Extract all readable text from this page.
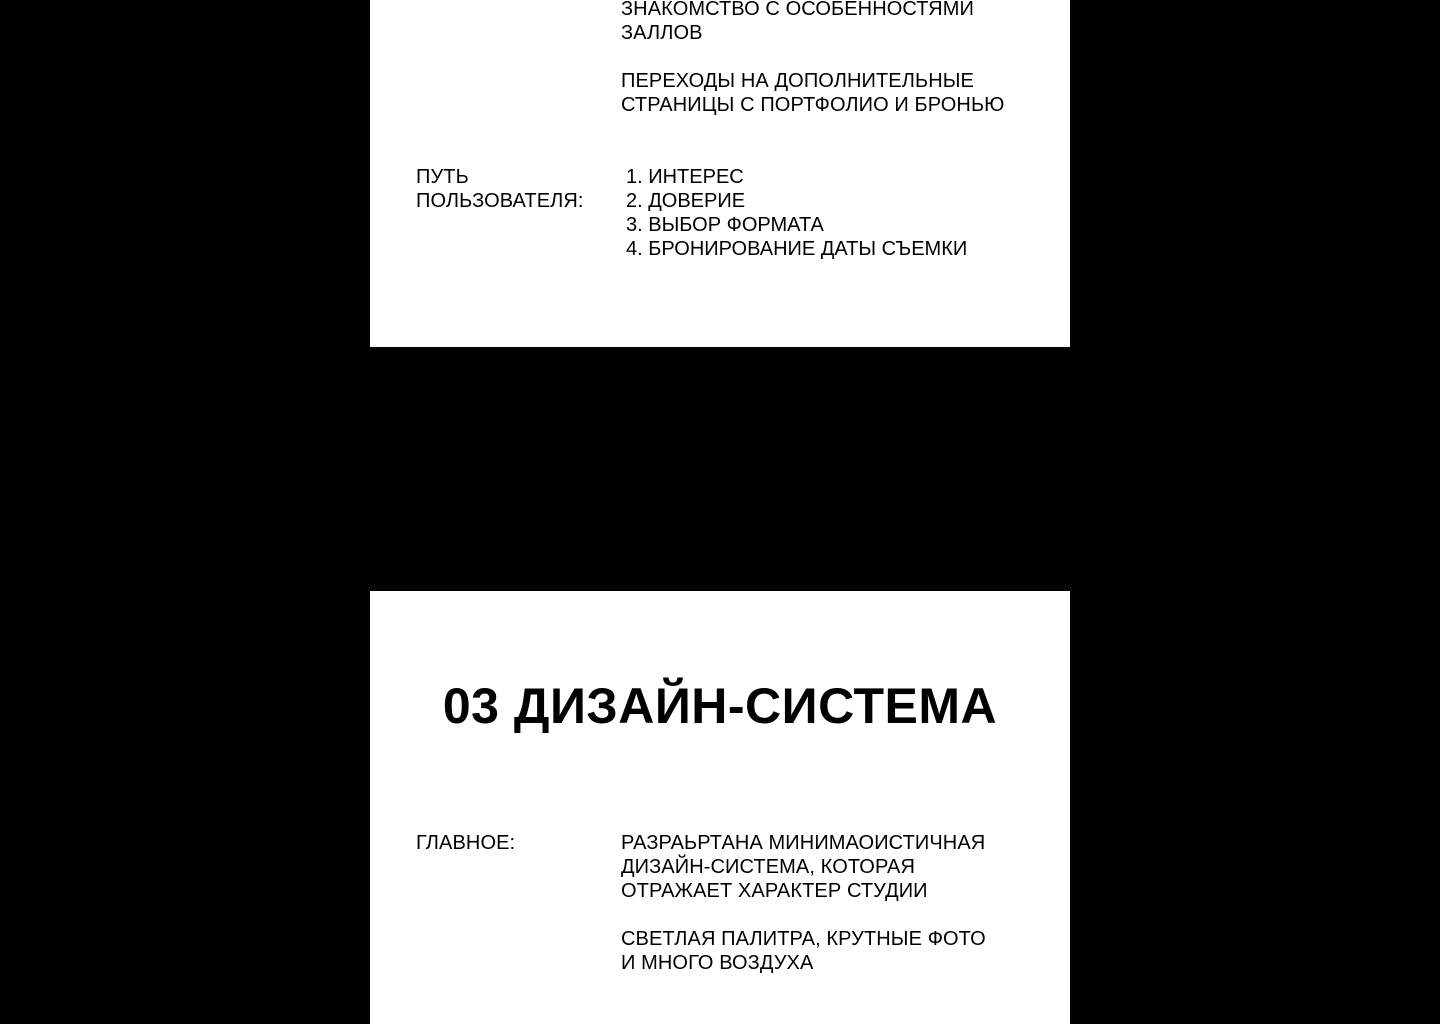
ЗНАКОМСТВО С ОСОБЕННОСТЯМИ
ЗАЛЛОВ

ПЕРЕХОДЫ НА ДОПОЛНИТЕЛЬНЫЕ
СТРАНИЦЫ С ПОРТФОЛИО И БРОНЬЮ

ПУТЬ
ПОЛЬЗОВАТЕЛЯ:

1. ИНТЕРЕС
2. ДОВЕРИЕ
3. ВЫБОР ФОРМАТА
4. БРОНИРОВАНИЕ ДАТЫ СЪЕМКИ
03 ДИЗАЙН-СИСТЕМА

ГЛАВНОЕ:	РАЗРАЬРТАНА МИНИМАОИСТИЧНАЯ
ДИЗАЙН-СИСТЕМА, КОТОРАЯ
ОТРАЖАЕТ ХАРАКТЕР СТУДИИ

СВЕТЛАЯ ПАЛИТРА, КРУТНЫЕ ФОТО
И МНОГО ВОЗДУХА
